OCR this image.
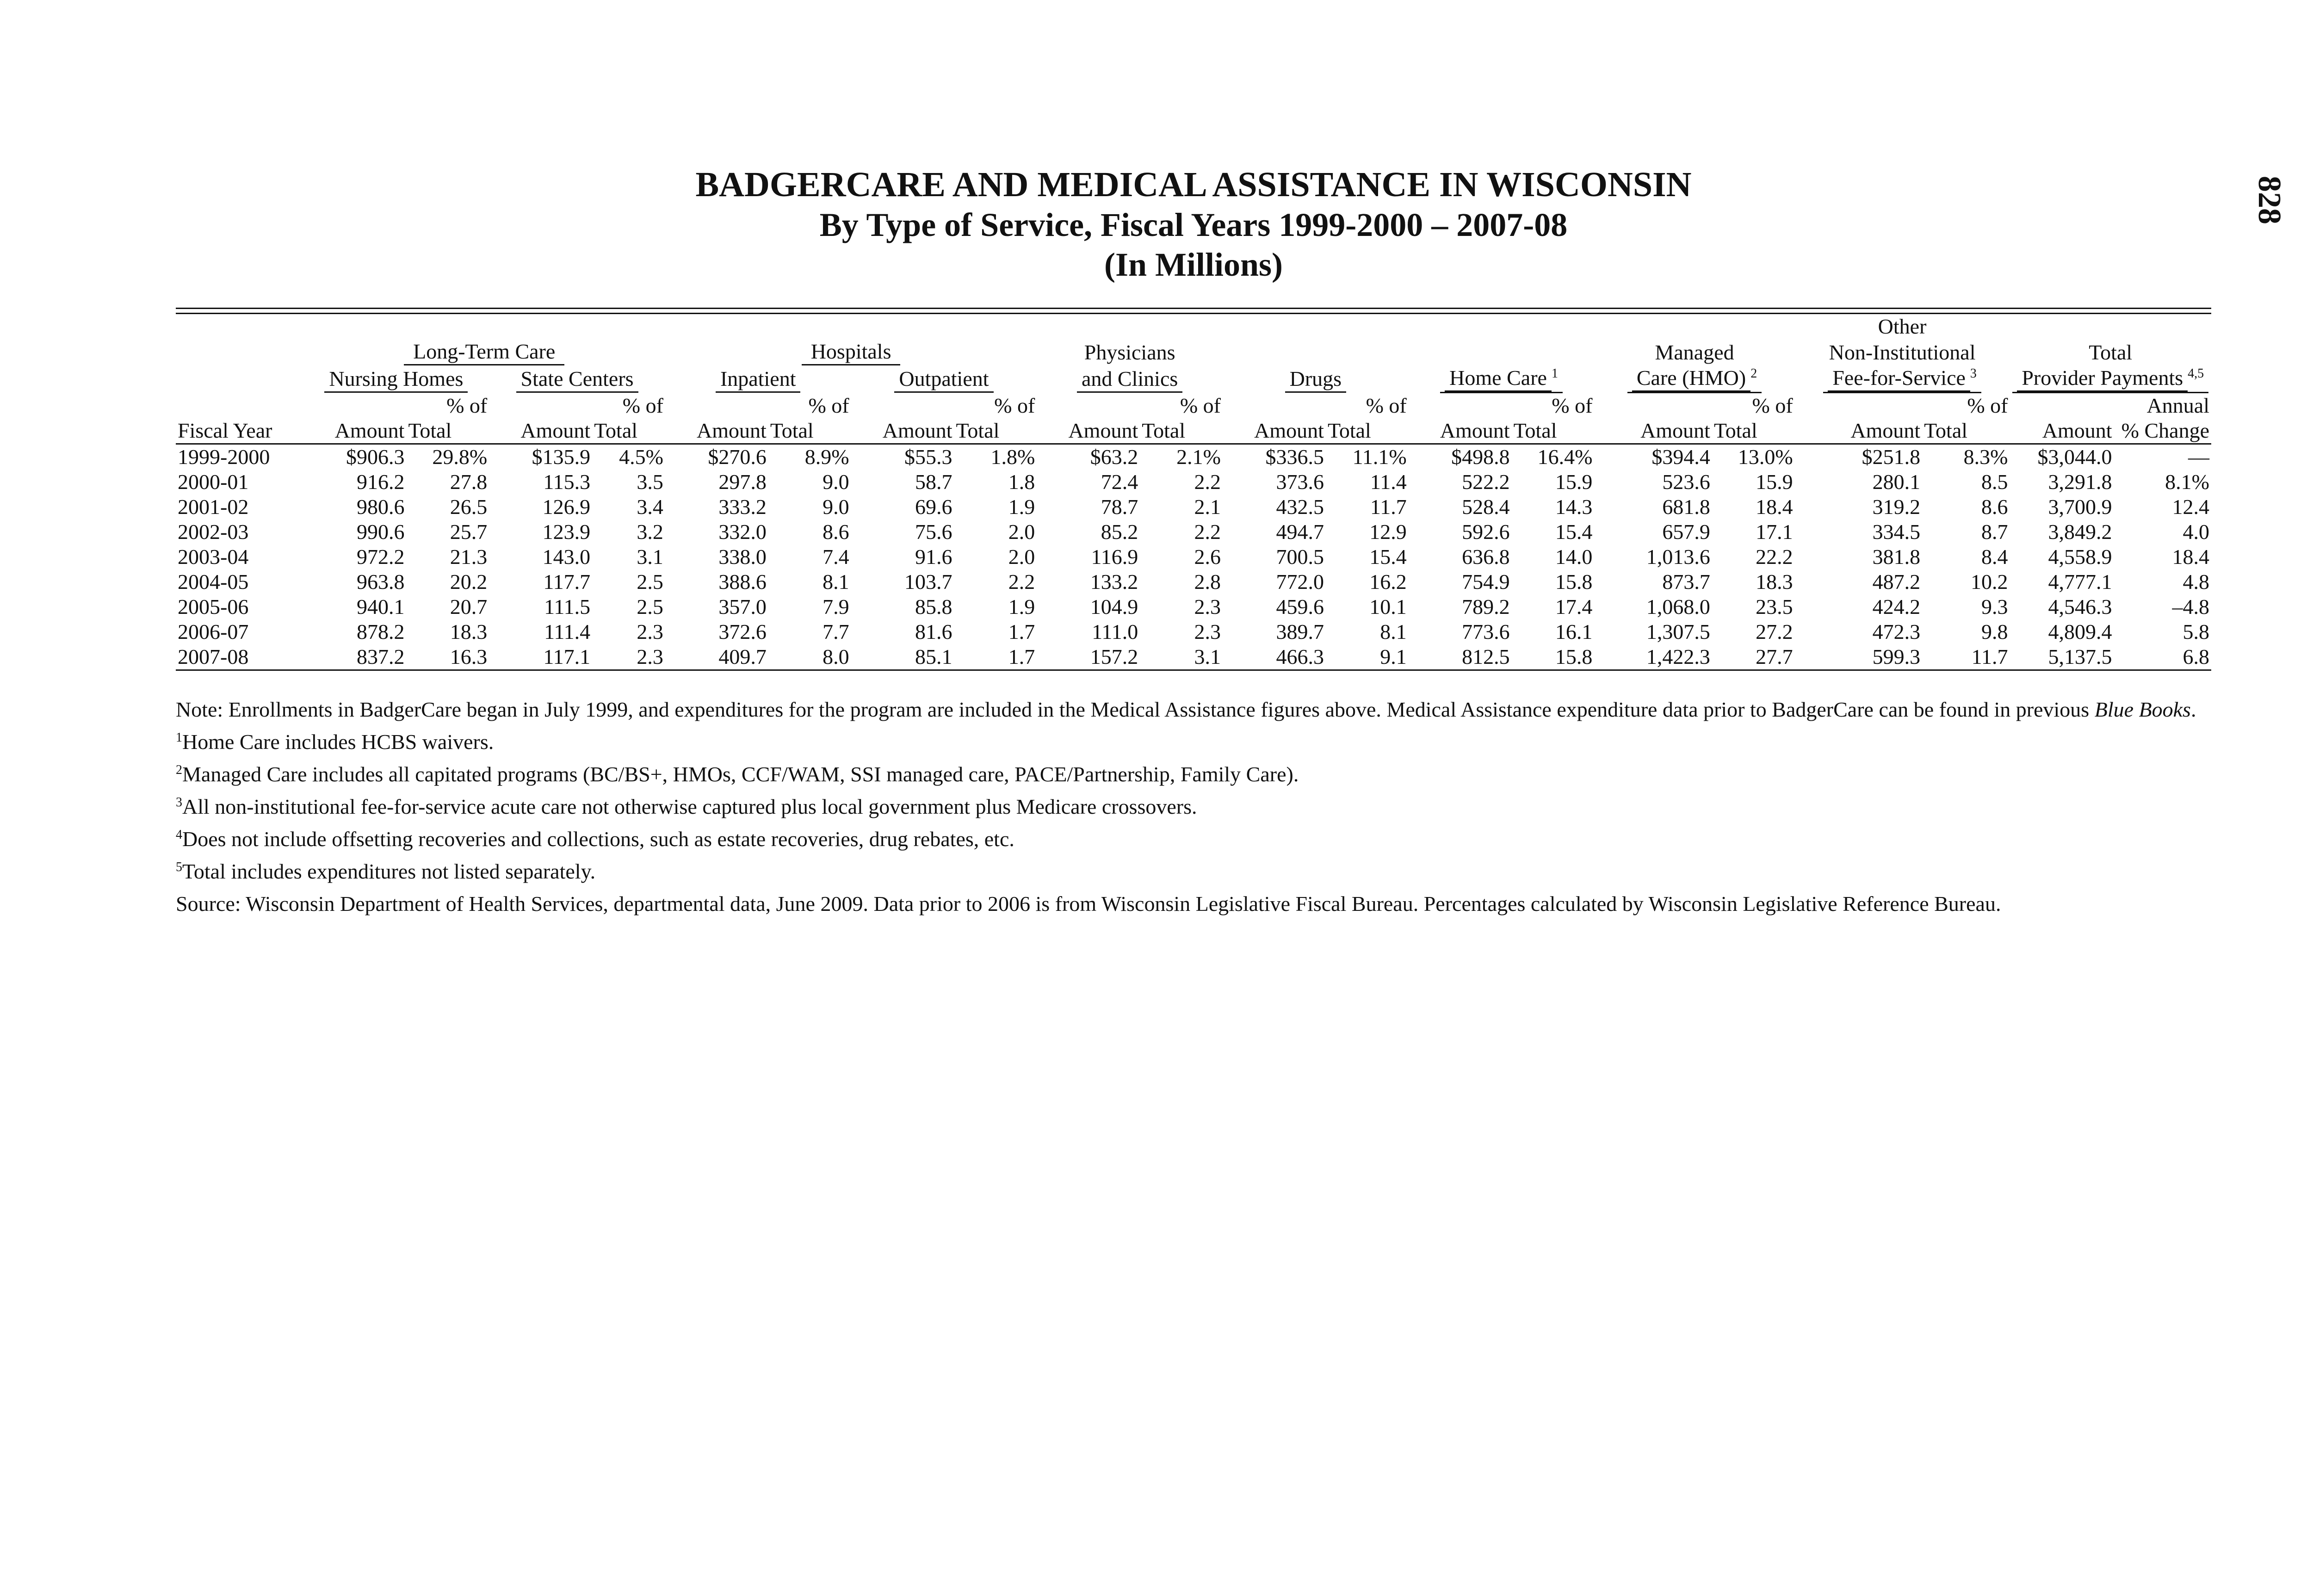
BADGERCARE AND MEDICAL ASSISTANCE IN WISCONSIN
By Type of Service, Fiscal Years 1999-2000 – 2007-08
(In Millions)
828
																	Other			
	Long-Term Care				Hospitals				Physicians						Managed		Non-Institutional		Total	
	Nursing Homes		State Centers		Inpatient		Outpatient		and Clinics		Drugs		Home Care $^1$		Care (HMO) $^2$		Fee-for-Service $^3$		Provider Payments $^{4,5}$
		% of		% of		% of		% of		% of		% of		% of		% of		% of		Annual
Fiscal Year	Amount	Total	Amount	Total	Amount	Total	Amount	Total	Amount	Total	Amount	Total	Amount	Total	Amount	Total	Amount	Total	Amount	% Change
1999-2000	$906.3	29.8%	$135.9	4.5%	$270.6	8.9%	$55.3	1.8%	$63.2	2.1%	$336.5	11.1%	$498.8	16.4%	$394.4	13.0%	$251.8	8.3%	$3,044.0	—
2000-01	916.2	27.8	115.3	3.5	297.8	9.0	58.7	1.8	72.4	2.2	373.6	11.4	522.2	15.9	523.6	15.9	280.1	8.5	3,291.8	8.1%
2001-02	980.6	26.5	126.9	3.4	333.2	9.0	69.6	1.9	78.7	2.1	432.5	11.7	528.4	14.3	681.8	18.4	319.2	8.6	3,700.9	12.4
2002-03	990.6	25.7	123.9	3.2	332.0	8.6	75.6	2.0	85.2	2.2	494.7	12.9	592.6	15.4	657.9	17.1	334.5	8.7	3,849.2	4.0
2003-04	972.2	21.3	143.0	3.1	338.0	7.4	91.6	2.0	116.9	2.6	700.5	15.4	636.8	14.0	1,013.6	22.2	381.8	8.4	4,558.9	18.4
2004-05	963.8	20.2	117.7	2.5	388.6	8.1	103.7	2.2	133.2	2.8	772.0	16.2	754.9	15.8	873.7	18.3	487.2	10.2	4,777.1	4.8
2005-06	940.1	20.7	111.5	2.5	357.0	7.9	85.8	1.9	104.9	2.3	459.6	10.1	789.2	17.4	1,068.0	23.5	424.2	9.3	4,546.3	–4.8
2006-07	878.2	18.3	111.4	2.3	372.6	7.7	81.6	1.7	111.0	2.3	389.7	8.1	773.6	16.1	1,307.5	27.2	472.3	9.8	4,809.4	5.8
2007-08	837.2	16.3	117.1	2.3	409.7	8.0	85.1	1.7	157.2	3.1	466.3	9.1	812.5	15.8	1,422.3	27.7	599.3	11.7	5,137.5	6.8

Note: Enrollments in BadgerCare began in July 1999, and expenditures for the program are included in the Medical Assistance figures above. Medical Assistance expenditure data prior to BadgerCare can be found in previous Blue Books.

$^1$Home Care includes HCBS waivers.

$^2$Managed Care includes all capitated programs (BC/BS+, HMOs, CCF/WAM, SSI managed care, PACE/Partnership, Family Care).

$^3$All non-institutional fee-for-service acute care not otherwise captured plus local government plus Medicare crossovers.

$^4$Does not include offsetting recoveries and collections, such as estate recoveries, drug rebates, etc.

$^5$Total includes expenditures not listed separately.

Source: Wisconsin Department of Health Services, departmental data, June 2009. Data prior to 2006 is from Wisconsin Legislative Fiscal Bureau. Percentages calculated by Wisconsin Legislative Reference Bureau.
